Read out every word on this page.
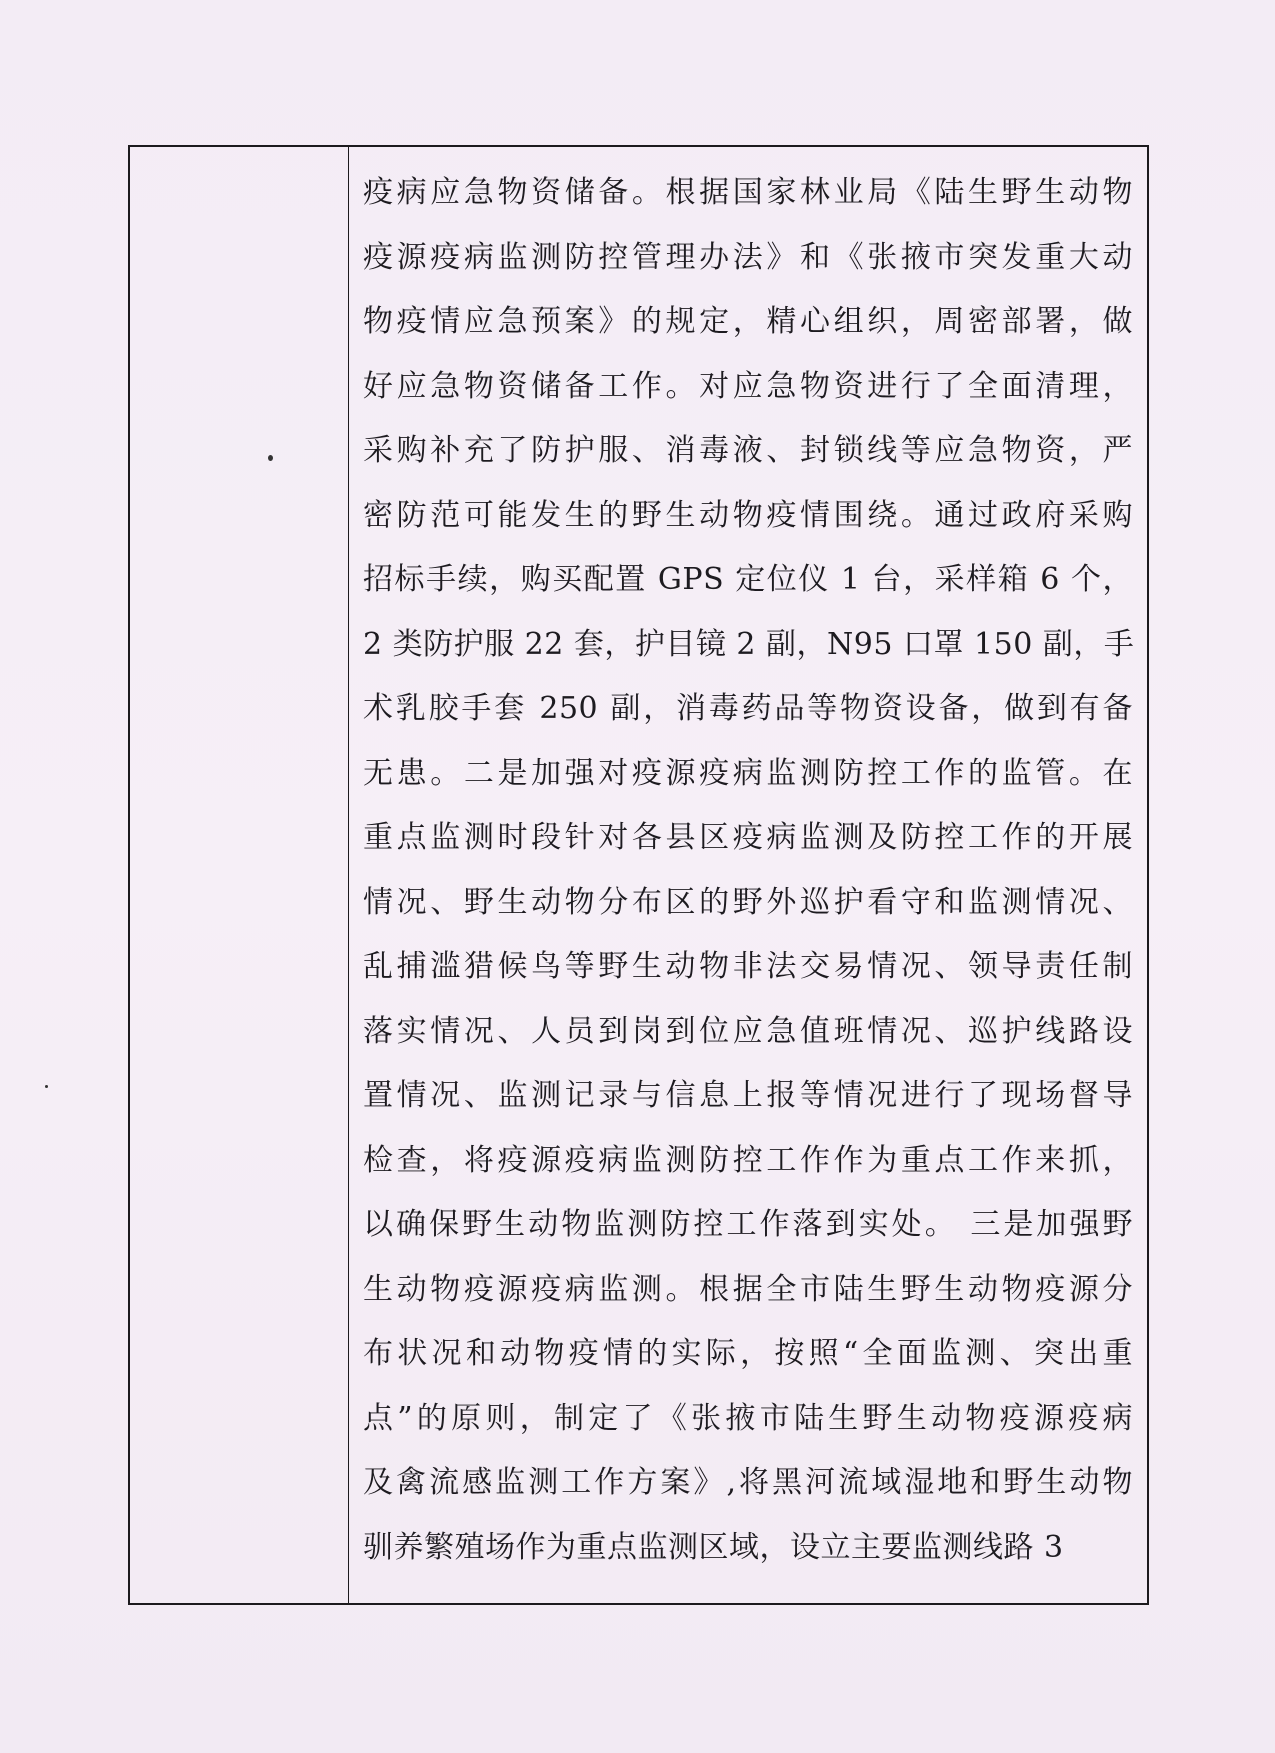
疫病应急物资储备。根据国家林业局《陆生野生动物
疫源疫病监测防控管理办法》和《张掖市突发重大动
物疫情应急预案》的规定，精心组织，周密部署，做
好应急物资储备工作。对应急物资进行了全面清理，
采购补充了防护服、消毒液、封锁线等应急物资，严
密防范可能发生的野生动物疫情围绕。通过政府采购
招标手续，购买配置 GPS 定位仪 1 台，采样箱 6 个，
2 类防护服 22 套，护目镜 2 副，N95 口罩 150 副，手
术乳胶手套 250 副，消毒药品等物资设备，做到有备
无患。二是加强对疫源疫病监测防控工作的监管。在
重点监测时段针对各县区疫病监测及防控工作的开展
情况、野生动物分布区的野外巡护看守和监测情况、
乱捕滥猎候鸟等野生动物非法交易情况、领导责任制
落实情况、人员到岗到位应急值班情况、巡护线路设
置情况、监测记录与信息上报等情况进行了现场督导
检查，将疫源疫病监测防控工作作为重点工作来抓，
以确保野生动物监测防控工作落到实处。 三是加强野
生动物疫源疫病监测。根据全市陆生野生动物疫源分
布状况和动物疫情的实际，按照“全面监测、突出重
点”的原则，制定了《张掖市陆生野生动物疫源疫病
及禽流感监测工作方案》,将黑河流域湿地和野生动物
驯养繁殖场作为重点监测区域，设立主要监测线路 3
